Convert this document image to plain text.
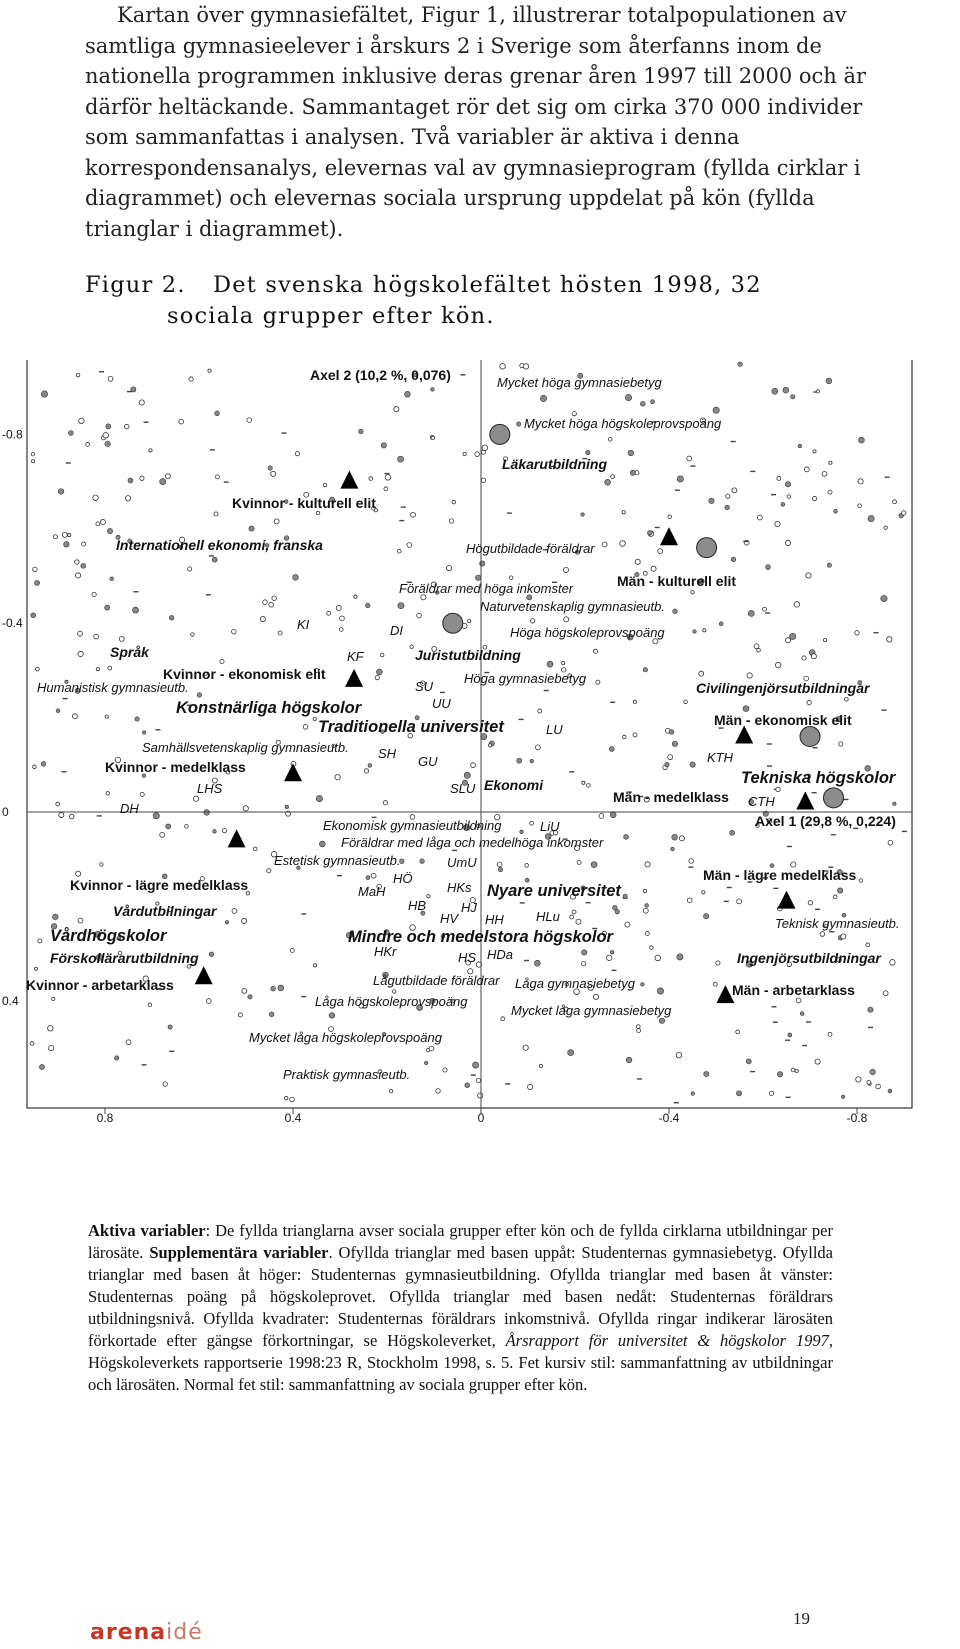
Kartan över gymnasiefältet, Figur 1, illustrerar totalpopulationen av samtliga gymnasieelever i årskurs 2 i Sverige som återfanns inom de nationella programmen inklusive deras grenar åren 1997 till 2000 och är därför heltäckande. Sammantaget rör det sig om cirka 370 000 individer som sammanfattas i analysen. Två variabler är aktiva i denna korrespondensanalys, elevernas val av gymnasieprogram (fyllda cirklar i diagrammet) och elevernas sociala ursprung uppdelat på kön (fyllda trianglar i diagrammet).

Figur 2. Det svenska högskolefältet hösten 1998, 32
sociala grupper efter kön.
0.8	0.4	0	-0.4	-0.8
-0.8
-0.4
0
0.4
Konstnärliga högskolor
Traditionella universitet
Tekniska högskolor
Nyare universitet
Mindre och medelstora högskolor
Vårdhögskolor
Kvinnor - kulturell elit
Män - kulturell elit
Kvinnor - ekonomisk elit
Män - ekonomisk elit
Kvinnor - medelklass
Män - medelklass
Kvinnor - lägre medelklass
Män - lägre medelklass
Kvinnor - arbetarklass	Män - arbetarklass
Axel 2 (10,2 %, 0,076)
Axel 1 (29,8 %, 0,224)
Internationell ekonomi, franska
Läkarutbildning
Språk	Juristutbildning
Civilingenjörsutbildningar
Ekonomi
Vårdutbilningar
Förskollärarutbildning	Ingenjörsutbildningar
Mycket höga gymnasiebetyg
Mycket höga högskoleprovspoäng
Högutbildade föräldrar
Föräldrar med höga inkomster
Naturvetenskaplig gymnasieutb.
Höga högskoleprovspoäng
Höga gymnasiebetyg
Humanistisk gymnasieutb.
Samhällsvetenskaplig gymnasieutb.
Ekonomisk gymnasieutbildning
Föräldrar med låga och medelhöga inkomster
Estetisk gymnasieutb.
Teknisk gymnasieutb.
Lågutbildade föräldrar Låga gymnasiebetyg
Låga högskoleprovspoäng
Mycket låga gymnasiebetyg
Mycket låga högskoleprovspoäng
Praktisk gymnasieutb.
KI	DI
KF
SU
UU
LU
SH
GU
LHS	SLU
DH
LiU
KTH
CTH
UmU
HÖ
MaH	HKs
HB	HJ
HV HH HLu
HKr	HS HDa
Aktiva variabler: De fyllda trianglarna avser sociala grupper efter kön och de fyllda cirklarna utbildningar per lärosäte. Supplementära variabler. Ofyllda trianglar med basen uppåt: Studenternas gymnasiebetyg. Ofyllda trianglar med basen åt höger: Studenternas gymnasieutbildning. Ofyllda trianglar med basen åt vänster: Studenternas poäng på högskoleprovet. Ofyllda trianglar med basen nedåt: Studenternas föräldrars utbildningsnivå. Ofyllda kvadrater: Studenternas föräldrars inkomstnivå. Ofyllda ringar indikerar lärosäten förkortade efter gängse förkortningar, se Högskoleverket, Årsrapport för universitet & högskolor 1997, Högskoleverkets rapportserie 1998:23 R, Stockholm 1998, s. 5. Fet kursiv stil: sammanfattning av utbildningar och lärosäten. Normal fet stil: sammanfattning av sociala grupper efter kön.
19
arenaidé
